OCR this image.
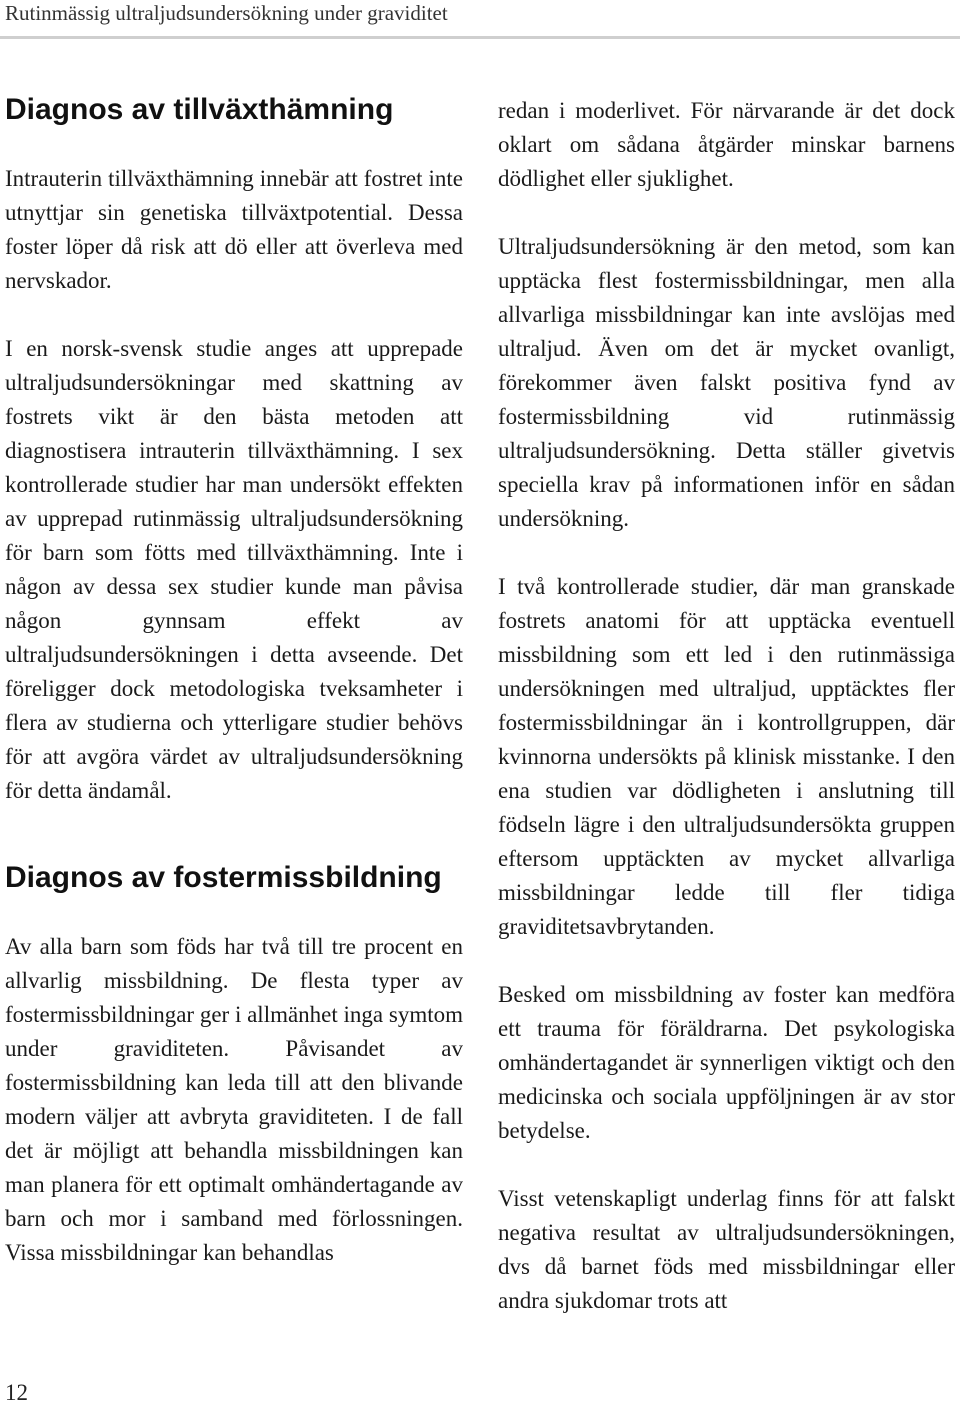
Rutinmässig ultraljudsundersökning under graviditet
Diagnos av tillväxthämning

Intrauterin tillväxthämning innebär att fostret inte utnyttjar sin genetiska tillväxtpotential. Dessa foster löper då risk att dö eller att överleva med nervskador.

I en norsk-svensk studie anges att upprepade ultraljudsundersökningar med skattning av fostrets vikt är den bästa metoden att diagnostisera intrauterin tillväxthämning. I sex kontrollerade studier har man undersökt effekten av upprepad rutinmässig ultraljudsundersökning för barn som fötts med tillväxthämning. Inte i någon av dessa sex studier kunde man påvisa någon gynnsam effekt av ultraljudsundersökningen i detta avseende. Det föreligger dock metodologiska tveksamheter i flera av studierna och ytterligare studier behövs för att avgöra värdet av ultraljudsundersökning för detta ändamål.

Diagnos av fostermissbildning

Av alla barn som föds har två till tre procent en allvarlig missbildning. De flesta typer av fostermissbildningar ger i allmänhet inga symtom under graviditeten. Påvisandet av fostermissbildning kan leda till att den blivande modern väljer att avbryta graviditeten. I de fall det är möjligt att behandla missbildningen kan man planera för ett optimalt omhändertagande av barn och mor i samband med förlossningen. Vissa missbildningar kan behandlas

redan i moderlivet. För närvarande är det dock oklart om sådana åtgärder minskar barnens dödlighet eller sjuklighet.

Ultraljudsundersökning är den metod, som kan upptäcka flest fostermissbildningar, men alla allvarliga missbildningar kan inte avslöjas med ultraljud. Även om det är mycket ovanligt, förekommer även falskt positiva fynd av fostermissbildning vid rutinmässig ultraljudsundersökning. Detta ställer givetvis speciella krav på informationen inför en sådan undersökning.

I två kontrollerade studier, där man granskade fostrets anatomi för att upptäcka eventuell missbildning som ett led i den rutinmässiga undersökningen med ultraljud, upptäcktes fler fostermissbildningar än i kontrollgruppen, där kvinnorna undersökts på klinisk misstanke. I den ena studien var dödligheten i anslutning till födseln lägre i den ultraljudsundersökta gruppen eftersom upptäckten av mycket allvarliga missbildningar ledde till fler tidiga graviditetsavbrytanden.

Besked om missbildning av foster kan medföra ett trauma för föräldrarna. Det psykologiska omhändertagandet är synnerligen viktigt och den medicinska och sociala uppföljningen är av stor betydelse.

Visst vetenskapligt underlag finns för att falskt negativa resultat av ultraljudsundersökningen, dvs då barnet föds med missbildningar eller andra sjukdomar trots att

12
